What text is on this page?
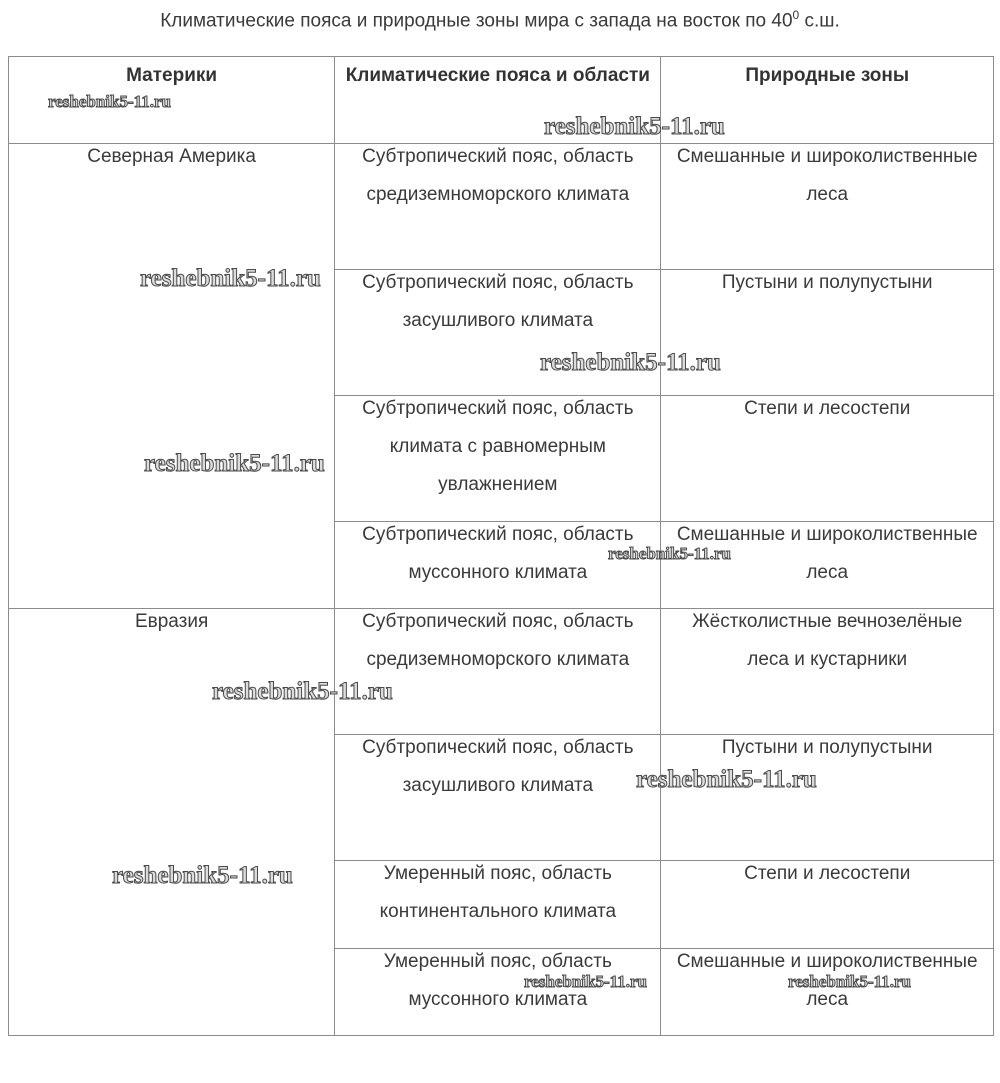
Климатические пояса и природные зоны мира с запада на восток по $40^0$ с.ш.
Материки	Климатические пояса и области	Природные зоны

Северная Америка	Субтропический пояс, область средиземноморского климата	Смешанные и широколиственные леса

	Субтропический пояс, область засушливого климата	Пустыни и полупустыни

	Субтропический пояс, область климата с равномерным увлажнением	Степи и лесостепи

	Субтропический пояс, область муссонного климата	Смешанные и широколиственные леса

Евразия	Субтропический пояс, область средиземноморского климата	Жёстколистные вечнозелёные леса и кустарники

	Субтропический пояс, область засушливого климата	Пустыни и полупустыни

	Умеренный пояс, область континентального климата	Степи и лесостепи

	Умеренный пояс, область муссонного климата	Смешанные и широколиственные леса
reshebnik5-11.ru
reshebnik5-11.ru
reshebnik5-11.ru
reshebnik5-11.ru
reshebnik5-11.ru
reshebnik5-11.ru
reshebnik5-11.ru
reshebnik5-11.ru
reshebnik5-11.ru
reshebnik5-11.ru	reshebnik5-11.ru
